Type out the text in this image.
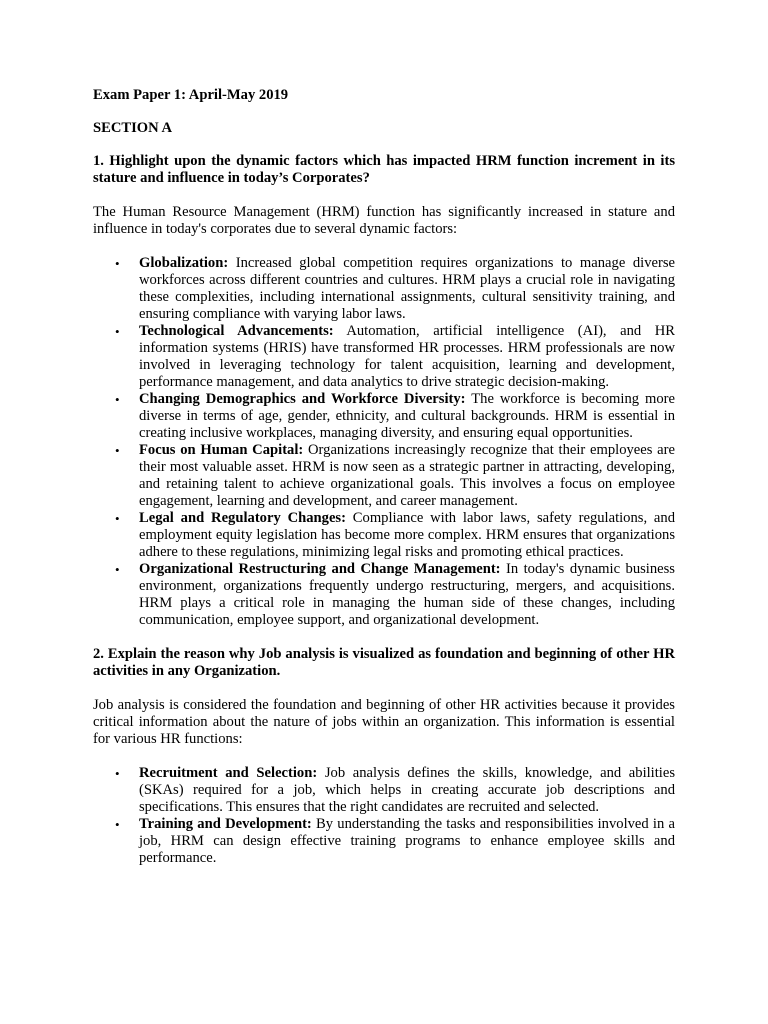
Exam Paper 1: April-May 2019

SECTION A

1. Highlight upon the dynamic factors which has impacted HRM function increment in its stature and influence in today’s Corporates?

The Human Resource Management (HRM) function has significantly increased in stature and influence in today's corporates due to several dynamic factors:

• Globalization: Increased global competition requires organizations to manage diverse workforces across different countries and cultures. HRM plays a crucial role in navigating these complexities, including international assignments, cultural sensitivity training, and ensuring compliance with varying labor laws.
• Technological Advancements: Automation, artificial intelligence (AI), and HR information systems (HRIS) have transformed HR processes. HRM professionals are now involved in leveraging technology for talent acquisition, learning and development, performance management, and data analytics to drive strategic decision-making.
• Changing Demographics and Workforce Diversity: The workforce is becoming more diverse in terms of age, gender, ethnicity, and cultural backgrounds. HRM is essential in creating inclusive workplaces, managing diversity, and ensuring equal opportunities.
• Focus on Human Capital: Organizations increasingly recognize that their employees are their most valuable asset. HRM is now seen as a strategic partner in attracting, developing, and retaining talent to achieve organizational goals. This involves a focus on employee engagement, learning and development, and career management.
• Legal and Regulatory Changes: Compliance with labor laws, safety regulations, and employment equity legislation has become more complex. HRM ensures that organizations adhere to these regulations, minimizing legal risks and promoting ethical practices.
• Organizational Restructuring and Change Management: In today's dynamic business environment, organizations frequently undergo restructuring, mergers, and acquisitions. HRM plays a critical role in managing the human side of these changes, including communication, employee support, and organizational development.

2. Explain the reason why Job analysis is visualized as foundation and beginning of other HR activities in any Organization.

Job analysis is considered the foundation and beginning of other HR activities because it provides critical information about the nature of jobs within an organization. This information is essential for various HR functions:

• Recruitment and Selection: Job analysis defines the skills, knowledge, and abilities (SKAs) required for a job, which helps in creating accurate job descriptions and specifications. This ensures that the right candidates are recruited and selected.
• Training and Development: By understanding the tasks and responsibilities involved in a job, HRM can design effective training programs to enhance employee skills and performance.
